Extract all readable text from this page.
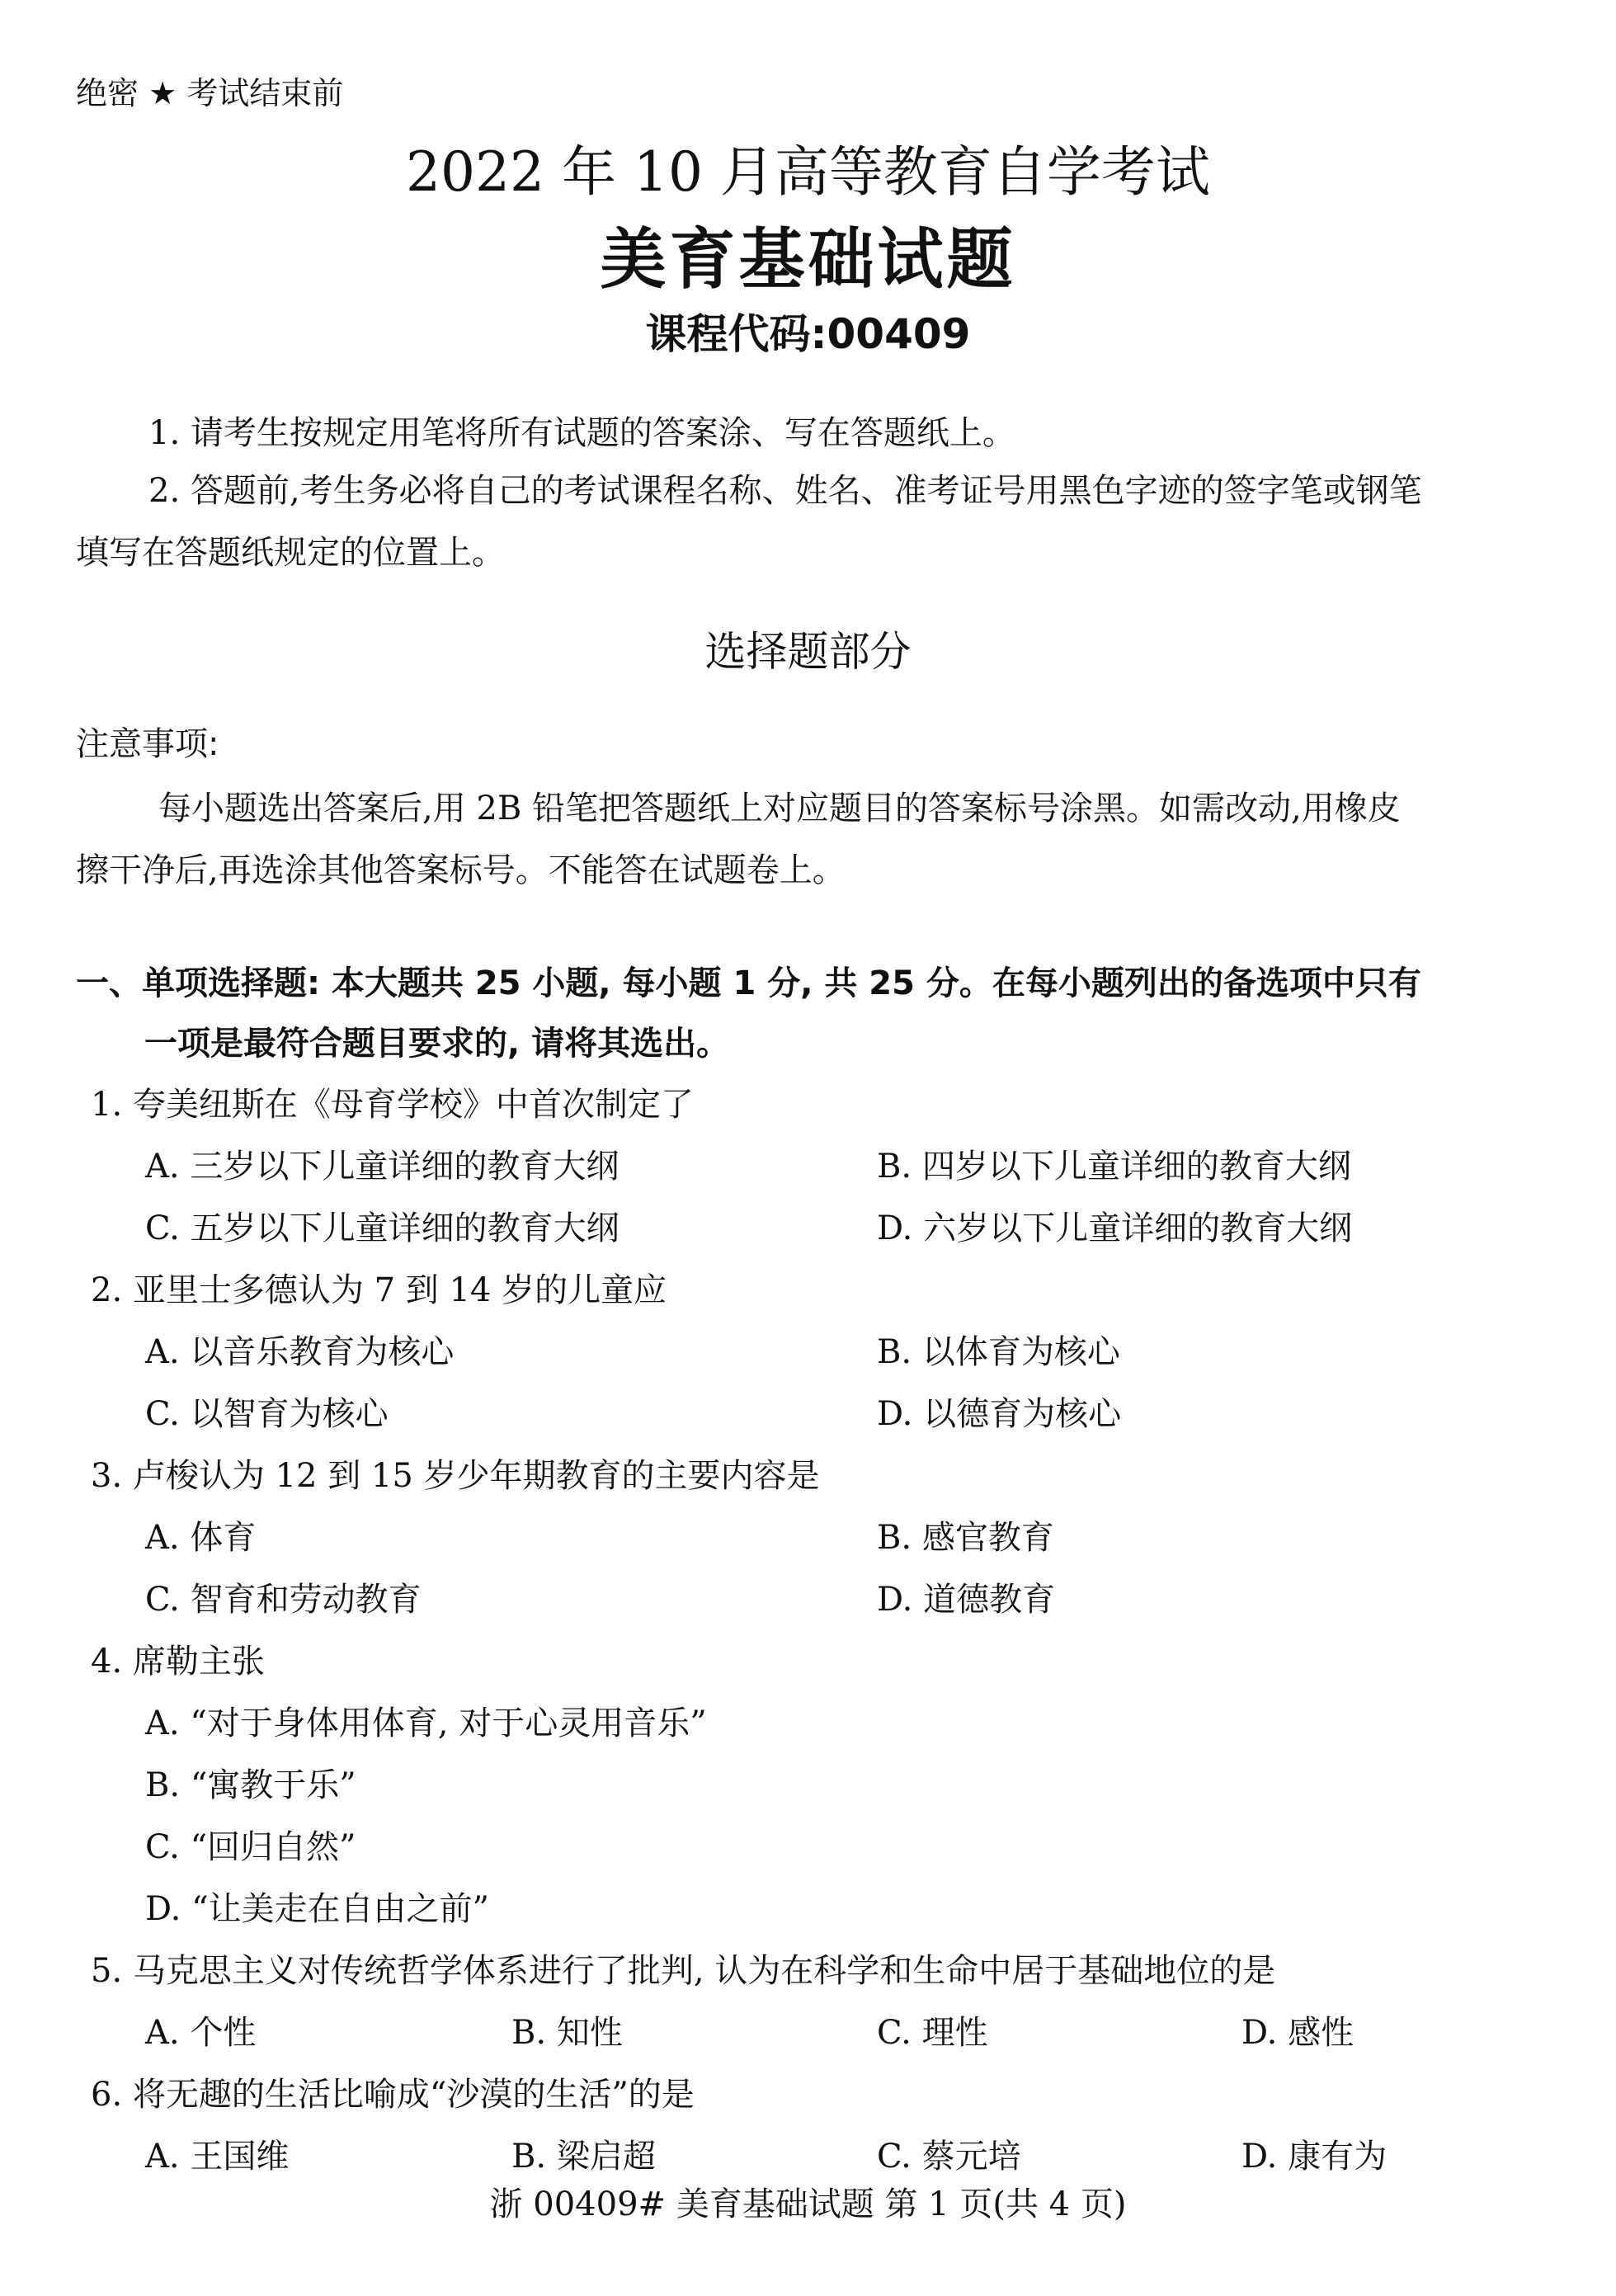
绝密 ★ 考试结束前
2022 年 10 月高等教育自学考试
美育基础试题
课程代码:00409
1. 请考生按规定用笔将所有试题的答案涂、写在答题纸上。
2. 答题前,考生务必将自己的考试课程名称、姓名、准考证号用黑色字迹的签字笔或钢笔
填写在答题纸规定的位置上。
选择题部分
注意事项:
每小题选出答案后,用 2B 铅笔把答题纸上对应题目的答案标号涂黑。如需改动,用橡皮
擦干净后,再选涂其他答案标号。不能答在试题卷上。
一、单项选择题: 本大题共 25 小题, 每小题 1 分, 共 25 分。在每小题列出的备选项中只有
一项是最符合题目要求的, 请将其选出。
1. 夸美纽斯在《母育学校》中首次制定了
A. 三岁以下儿童详细的教育大纲	B. 四岁以下儿童详细的教育大纲
C. 五岁以下儿童详细的教育大纲	D. 六岁以下儿童详细的教育大纲
2. 亚里士多德认为 7 到 14 岁的儿童应
A. 以音乐教育为核心	B. 以体育为核心
C. 以智育为核心	D. 以德育为核心
3. 卢梭认为 12 到 15 岁少年期教育的主要内容是
A. 体育	B. 感官教育
C. 智育和劳动教育	D. 道德教育
4. 席勒主张
A. “对于身体用体育, 对于心灵用音乐”
B. “寓教于乐”
C. “回归自然”
D. “让美走在自由之前”
5. 马克思主义对传统哲学体系进行了批判, 认为在科学和生命中居于基础地位的是
A. 个性	B. 知性	C. 理性	D. 感性
6. 将无趣的生活比喻成“沙漠的生活”的是
A. 王国维	B. 梁启超	C. 蔡元培	D. 康有为
浙 00409# 美育基础试题 第 1 页(共 4 页)
